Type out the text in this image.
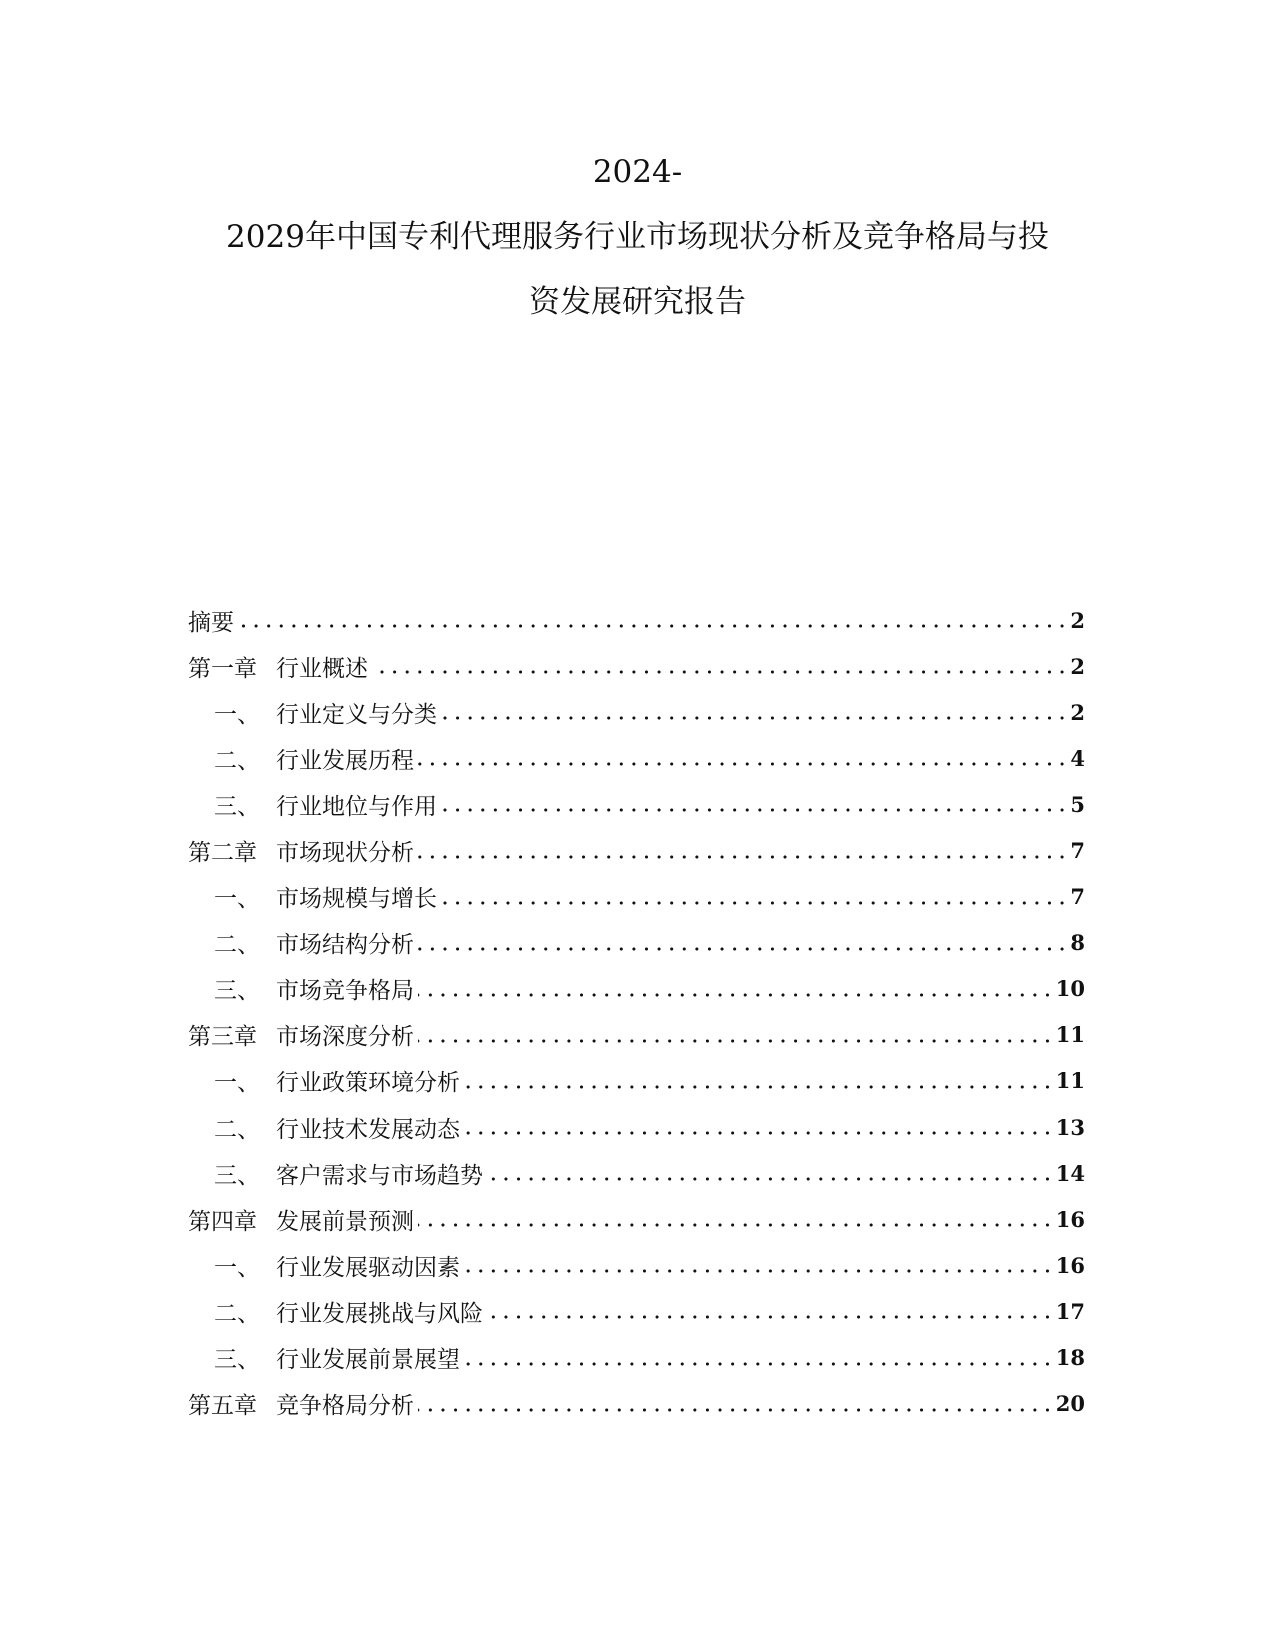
2024-
2029年中国专利代理服务行业市场现状分析及竞争格局与投
资发展研究报告
摘要	2
第一章 行业概述	2
一、 行业定义与分类	2
二、 行业发展历程	4
三、 行业地位与作用	5
第二章 市场现状分析	7
一、 市场规模与增长	7
二、 市场结构分析	8
三、 市场竞争格局	10
第三章 市场深度分析	11
一、 行业政策环境分析	11
二、 行业技术发展动态	13
三、 客户需求与市场趋势	14
第四章 发展前景预测	16
一、 行业发展驱动因素	16
二、 行业发展挑战与风险	17
三、 行业发展前景展望	18
第五章 竞争格局分析	20
